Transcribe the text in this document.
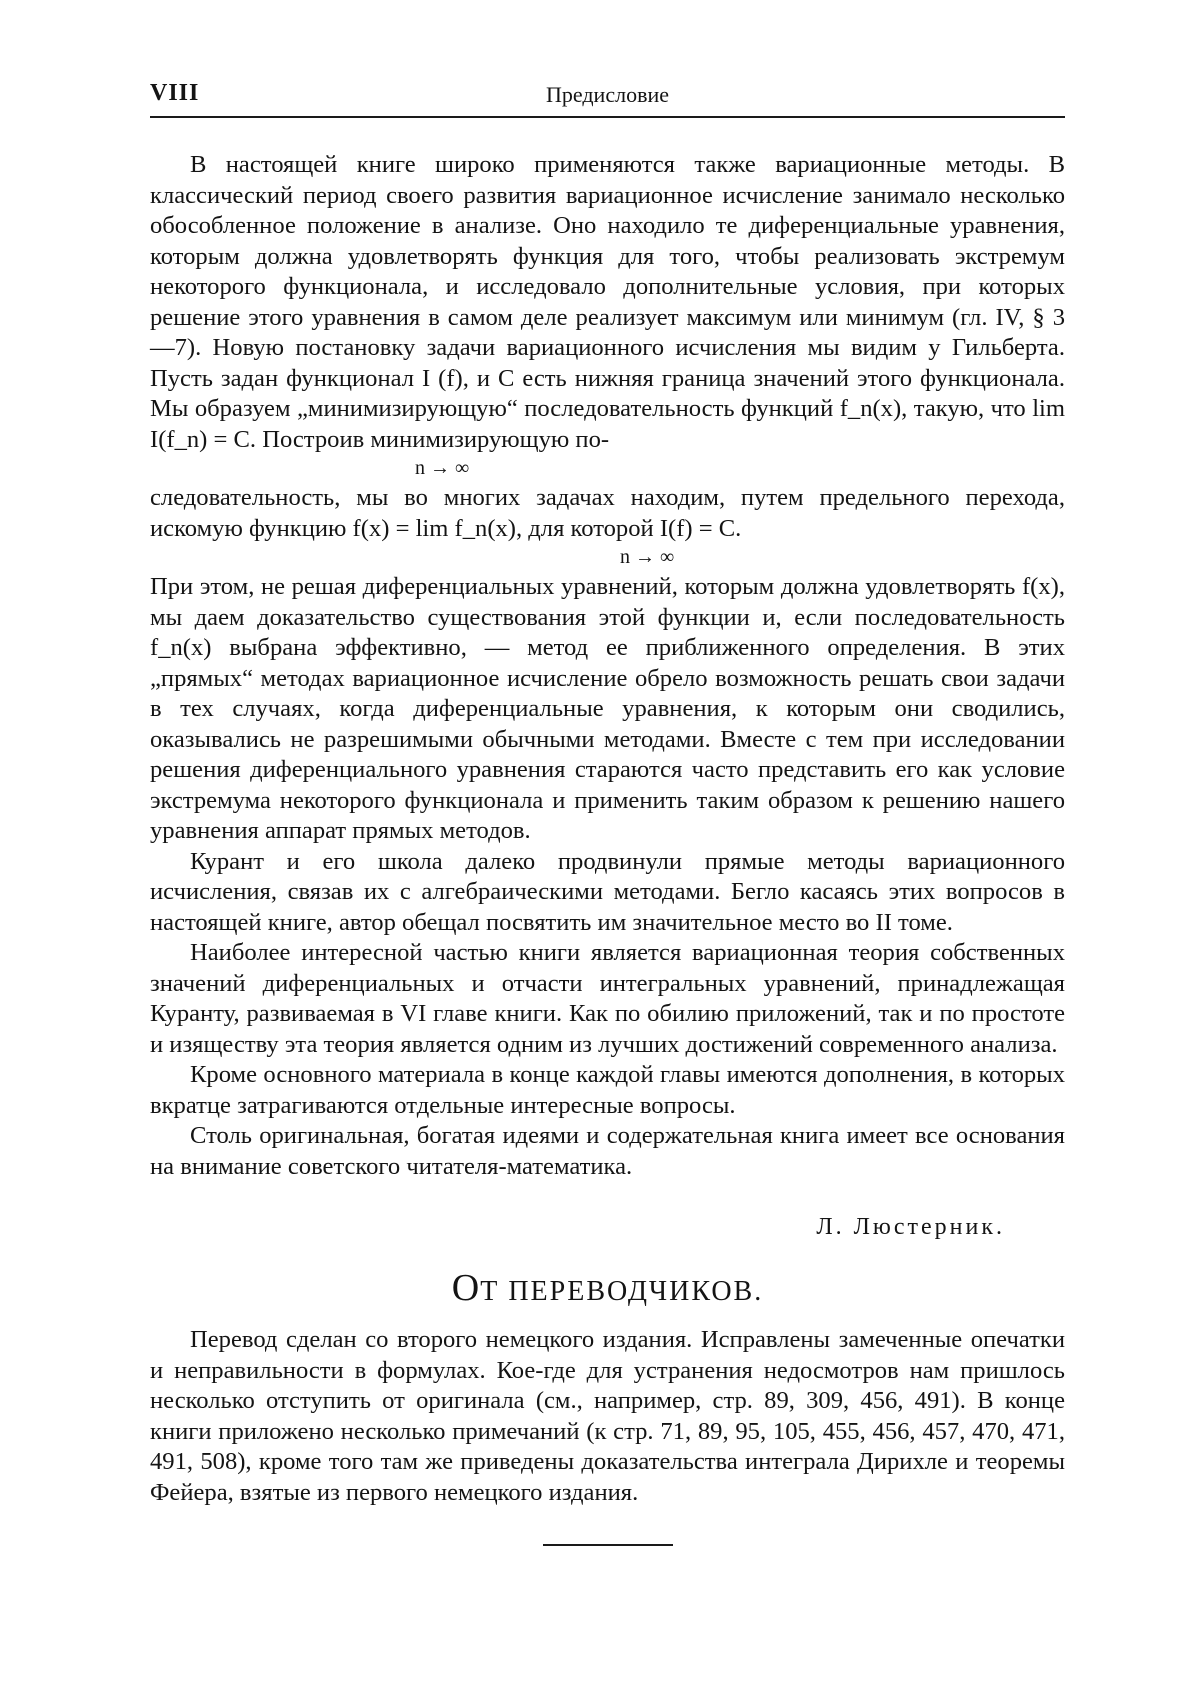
VIII	Предисловие

В настоящей книге широко применяются также вариационные методы. В классический период своего развития вариационное исчисление занимало несколько обособленное положение в анализе. Оно находило те диференциальные уравнения, которым должна удовлетворять функция для того, чтобы реализовать экстремум некоторого функционала, и исследовало дополнительные условия, при которых решение этого уравнения в самом деле реализует максимум или минимум (гл. IV, § 3—7). Новую постановку задачи вариационного исчисления мы видим у Гильберта. Пусть задан функционал I (f), и C есть нижняя граница значений этого функционала. Мы образуем „минимизирующую“ последовательность функций f_n(x), такую, что lim I(f_n) = C. Построив минимизирующую по-

n → ∞

следовательность, мы во многих задачах находим, путем предельного перехода, искомую функцию f(x) = lim f_n(x), для которой I(f) = C.

n → ∞

При этом, не решая диференциальных уравнений, которым должна удовлетворять f(x), мы даем доказательство существования этой функции и, если последовательность f_n(x) выбрана эффективно, — метод ее приближенного определения. В этих „прямых“ методах вариационное исчисление обрело возможность решать свои задачи в тех случаях, когда диференциальные уравнения, к которым они сводились, оказывались не разрешимыми обычными методами. Вместе с тем при исследовании решения диференциального уравнения стараются часто представить его как условие экстремума некоторого функционала и применить таким образом к решению нашего уравнения аппарат прямых методов.

Курант и его школа далеко продвинули прямые методы вариационного исчисления, связав их с алгебраическими методами. Бегло касаясь этих вопросов в настоящей книге, автор обещал посвятить им значительное место во II томе.

Наиболее интересной частью книги является вариационная теория собственных значений диференциальных и отчасти интегральных уравнений, принадлежащая Куранту, развиваемая в VI главе книги. Как по обилию приложений, так и по простоте и изяществу эта теория является одним из лучших достижений современного анализа.

Кроме основного материала в конце каждой главы имеются дополнения, в которых вкратце затрагиваются отдельные интересные вопросы.

Столь оригинальная, богатая идеями и содержательная книга имеет все основания на внимание советского читателя-математика.

Л. Люстерник.
ОТ ПЕРЕВОДЧИКОВ.

Перевод сделан со второго немецкого издания. Исправлены замеченные опечатки и неправильности в формулах. Кое-где для устранения недосмотров нам пришлось несколько отступить от оригинала (см., например, стр. 89, 309, 456, 491). В конце книги приложено несколько примечаний (к стр. 71, 89, 95, 105, 455, 456, 457, 470, 471, 491, 508), кроме того там же приведены доказательства интеграла Дирихле и теоремы Фейера, взятые из первого немецкого издания.
